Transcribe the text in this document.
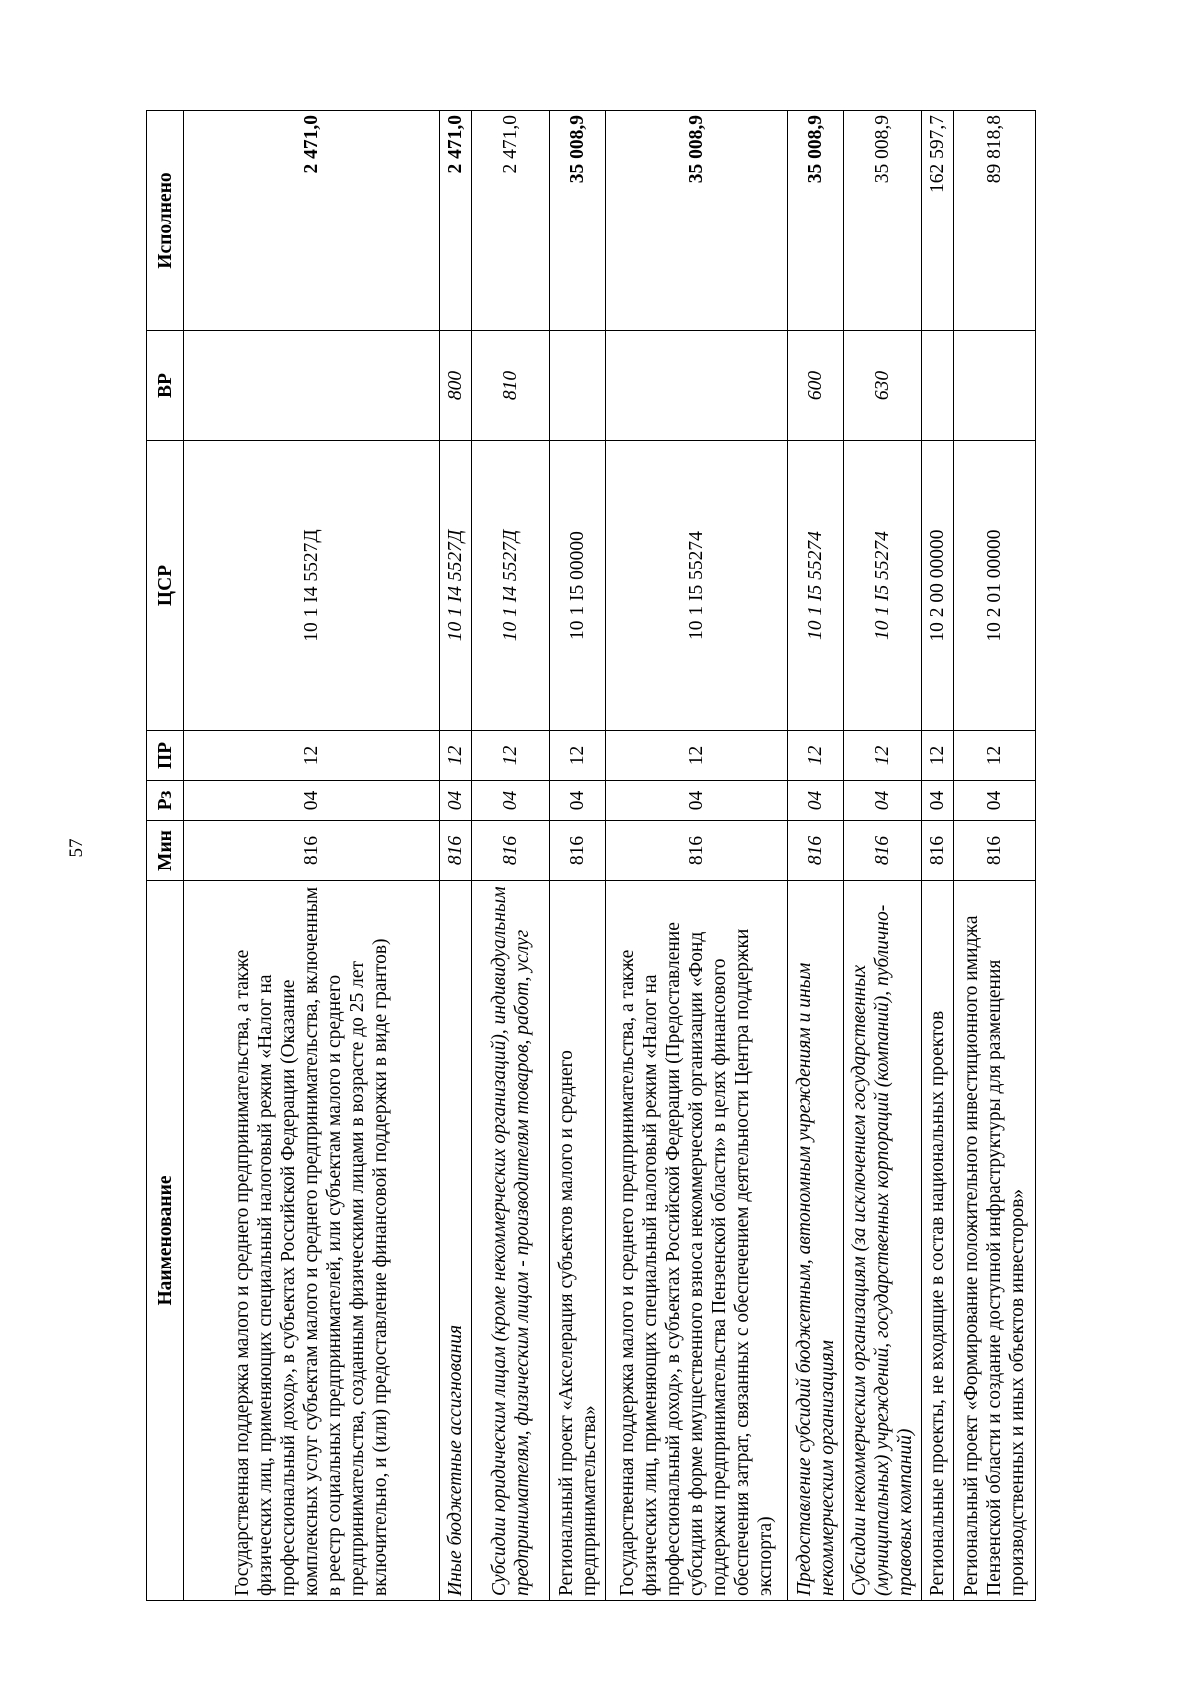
57
Наименование	Мин	Рз	ПР	ЦСР	ВР	Исполнено
Государственная поддержка малого и среднего предпринимательства, а также физических лиц, применяющих специальный налоговый режим «Налог на профессиональный доход», в субъектах Российской Федерации (Оказание комплексных услуг субъектам малого и среднего предпринимательства, включенным в реестр социальных предпринимателей, или субъектам малого и среднего предпринимательства, созданным физическими лицами в возрасте до 25 лет включительно, и (или) предоставление финансовой поддержки в виде грантов)	816	04	12	10 1 I4 5527Д		2 471,0
Иные бюджетные ассигнования	816	04	12	10 1 I4 5527Д	800	2 471,0
Субсидии юридическим лицам (кроме некоммерческих организаций), индивидуальным предпринимателям, физическим лицам - производителям товаров, работ, услуг	816	04	12	10 1 I4 5527Д	810	2 471,0
Региональный проект «Акселерация субъектов малого и среднего предпринимательства»	816	04	12	10 1 I5 00000		35 008,9
Государственная поддержка малого и среднего предпринимательства, а также физических лиц, применяющих специальный налоговый режим «Налог на профессиональный доход», в субъектах Российской Федерации (Предоставление субсидии в форме имущественного взноса некоммерческой организации «Фонд поддержки предпринимательства Пензенской области» в целях финансового обеспечения затрат, связанных с обеспечением деятельности Центра поддержки экспорта)	816	04	12	10 1 I5 55274		35 008,9
Предоставление субсидий бюджетным, автономным учреждениям и иным некоммерческим организациям	816	04	12	10 1 I5 55274	600	35 008,9
Субсидии некоммерческим организациям (за исключением государственных (муниципальных) учреждений, государственных корпораций (компаний), публично-правовых компаний)	816	04	12	10 1 I5 55274	630	35 008,9
Региональные проекты, не входящие в состав национальных проектов	816	04	12	10 2 00 00000		162 597,7
Региональный проект «Формирование положительного инвестиционного имиджа Пензенской области и создание доступной инфраструктуры для размещения производственных и иных объектов инвесторов»	816	04	12	10 2 01 00000		89 818,8
